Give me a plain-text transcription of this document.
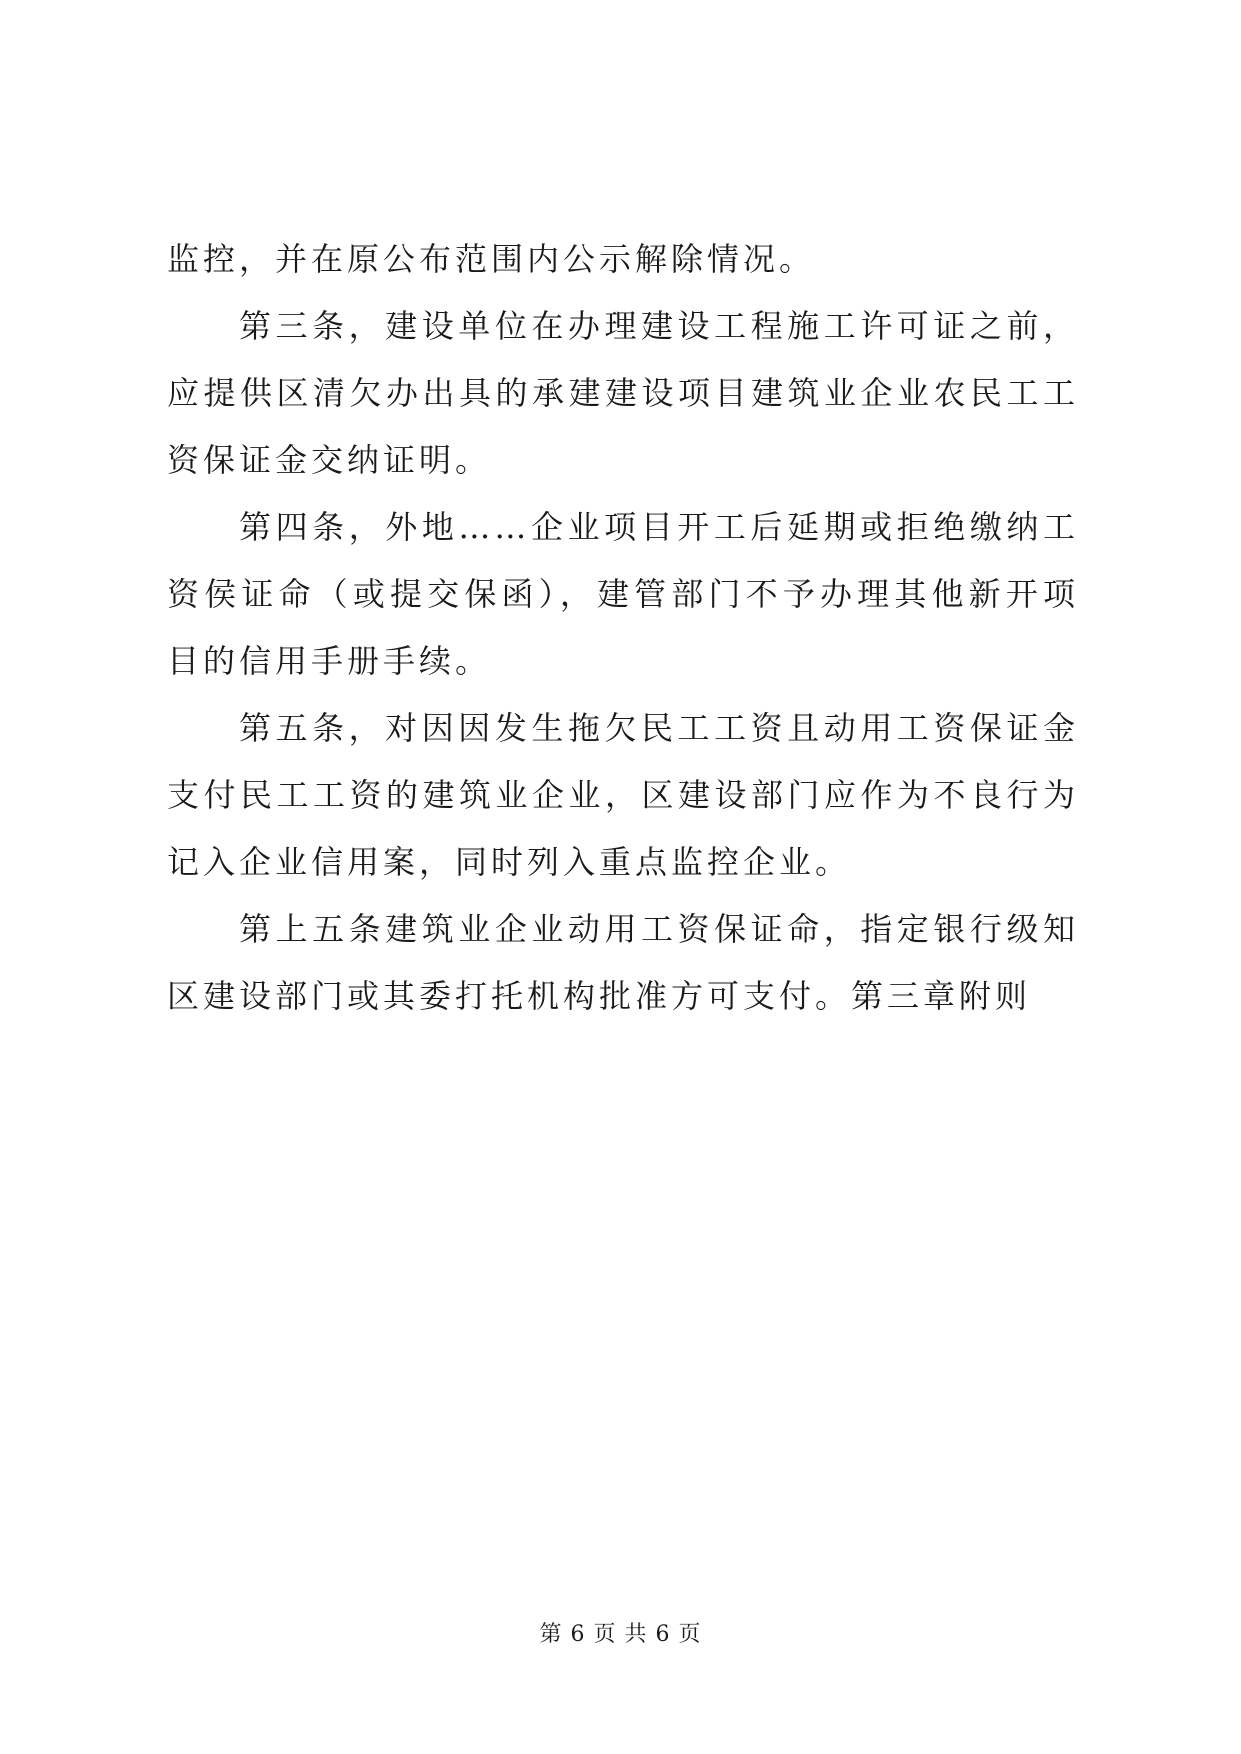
监控，并在原公布范围内公示解除情况。

第三条，建设单位在办理建设工程施工许可证之前，应提供区清欠办出具的承建建设项目建筑业企业农民工工资保证金交纳证明。

第四条，外地……企业项目开工后延期或拒绝缴纳工资侯证命（或提交保函），建管部门不予办理其他新开项目的信用手册手续。

第五条，对因因发生拖欠民工工资且动用工资保证金支付民工工资的建筑业企业，区建设部门应作为不良行为记入企业信用案，同时列入重点监控企业。

第上五条建筑业企业动用工资保证命，指定银行级知区建设部门或其委打托机构批准方可支付。第三章附则

第 6 页 共 6 页
